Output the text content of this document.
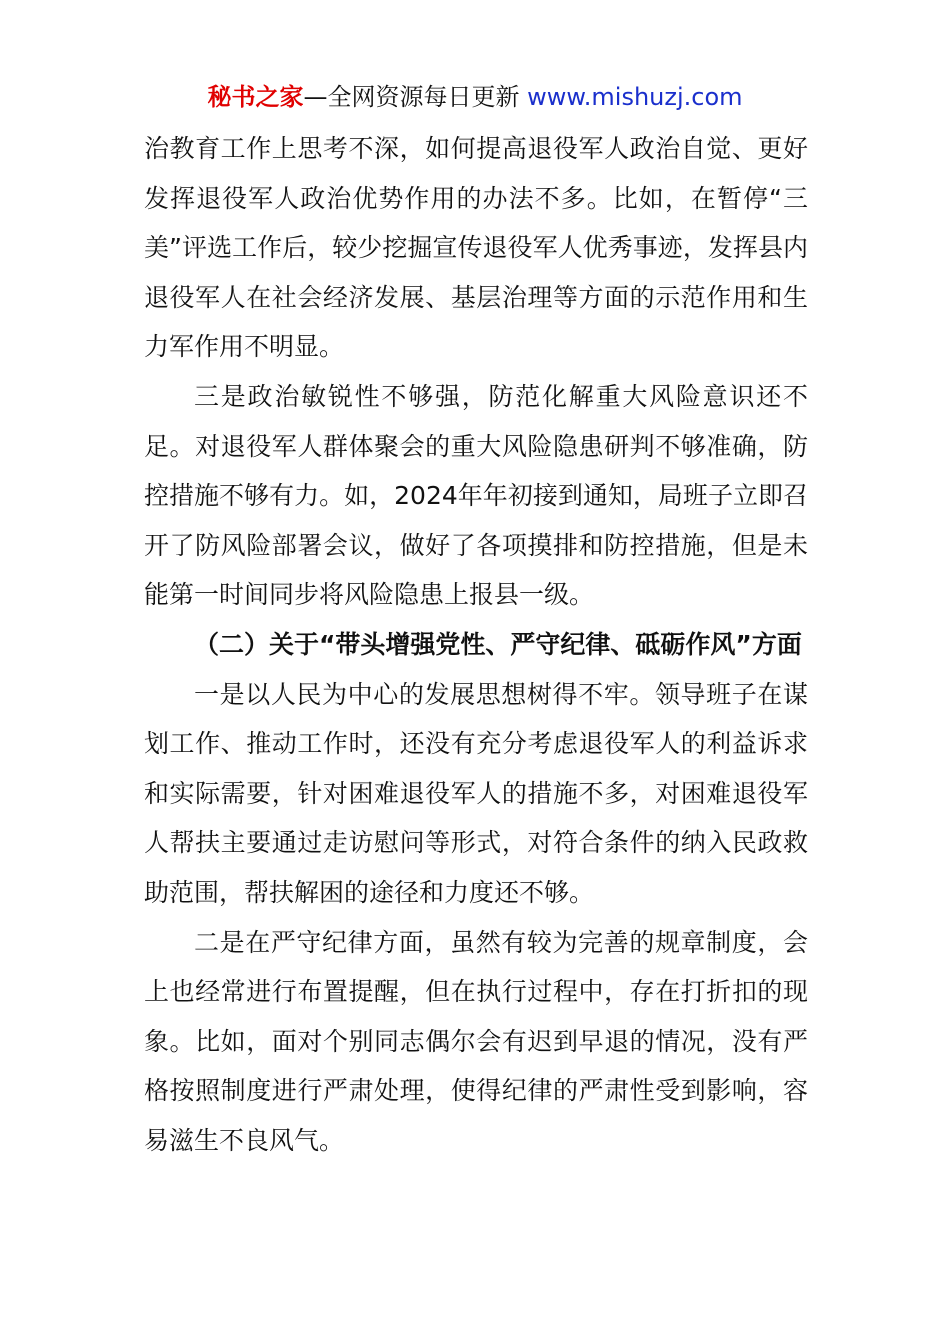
秘书之家—全网资源每日更新 www.mishuzj.com

治教育工作上思考不深，如何提高退役军人政治自觉、更好发挥退役军人政治优势作用的办法不多。比如，在暂停“三美”评选工作后，较少挖掘宣传退役军人优秀事迹，发挥县内退役军人在社会经济发展、基层治理等方面的示范作用和生力军作用不明显。

三是政治敏锐性不够强，防范化解重大风险意识还不足。对退役军人群体聚会的重大风险隐患研判不够准确，防控措施不够有力。如，2024年年初接到通知，局班子立即召开了防风险部署会议，做好了各项摸排和防控措施，但是未能第一时间同步将风险隐患上报县一级。

（二）关于“带头增强党性、严守纪律、砥砺作风”方面

一是以人民为中心的发展思想树得不牢。领导班子在谋划工作、推动工作时，还没有充分考虑退役军人的利益诉求和实际需要，针对困难退役军人的措施不多，对困难退役军人帮扶主要通过走访慰问等形式，对符合条件的纳入民政救助范围，帮扶解困的途径和力度还不够。

二是在严守纪律方面，虽然有较为完善的规章制度，会上也经常进行布置提醒，但在执行过程中，存在打折扣的现象。比如，面对个别同志偶尔会有迟到早退的情况，没有严格按照制度进行严肃处理，使得纪律的严肃性受到影响，容易滋生不良风气。
